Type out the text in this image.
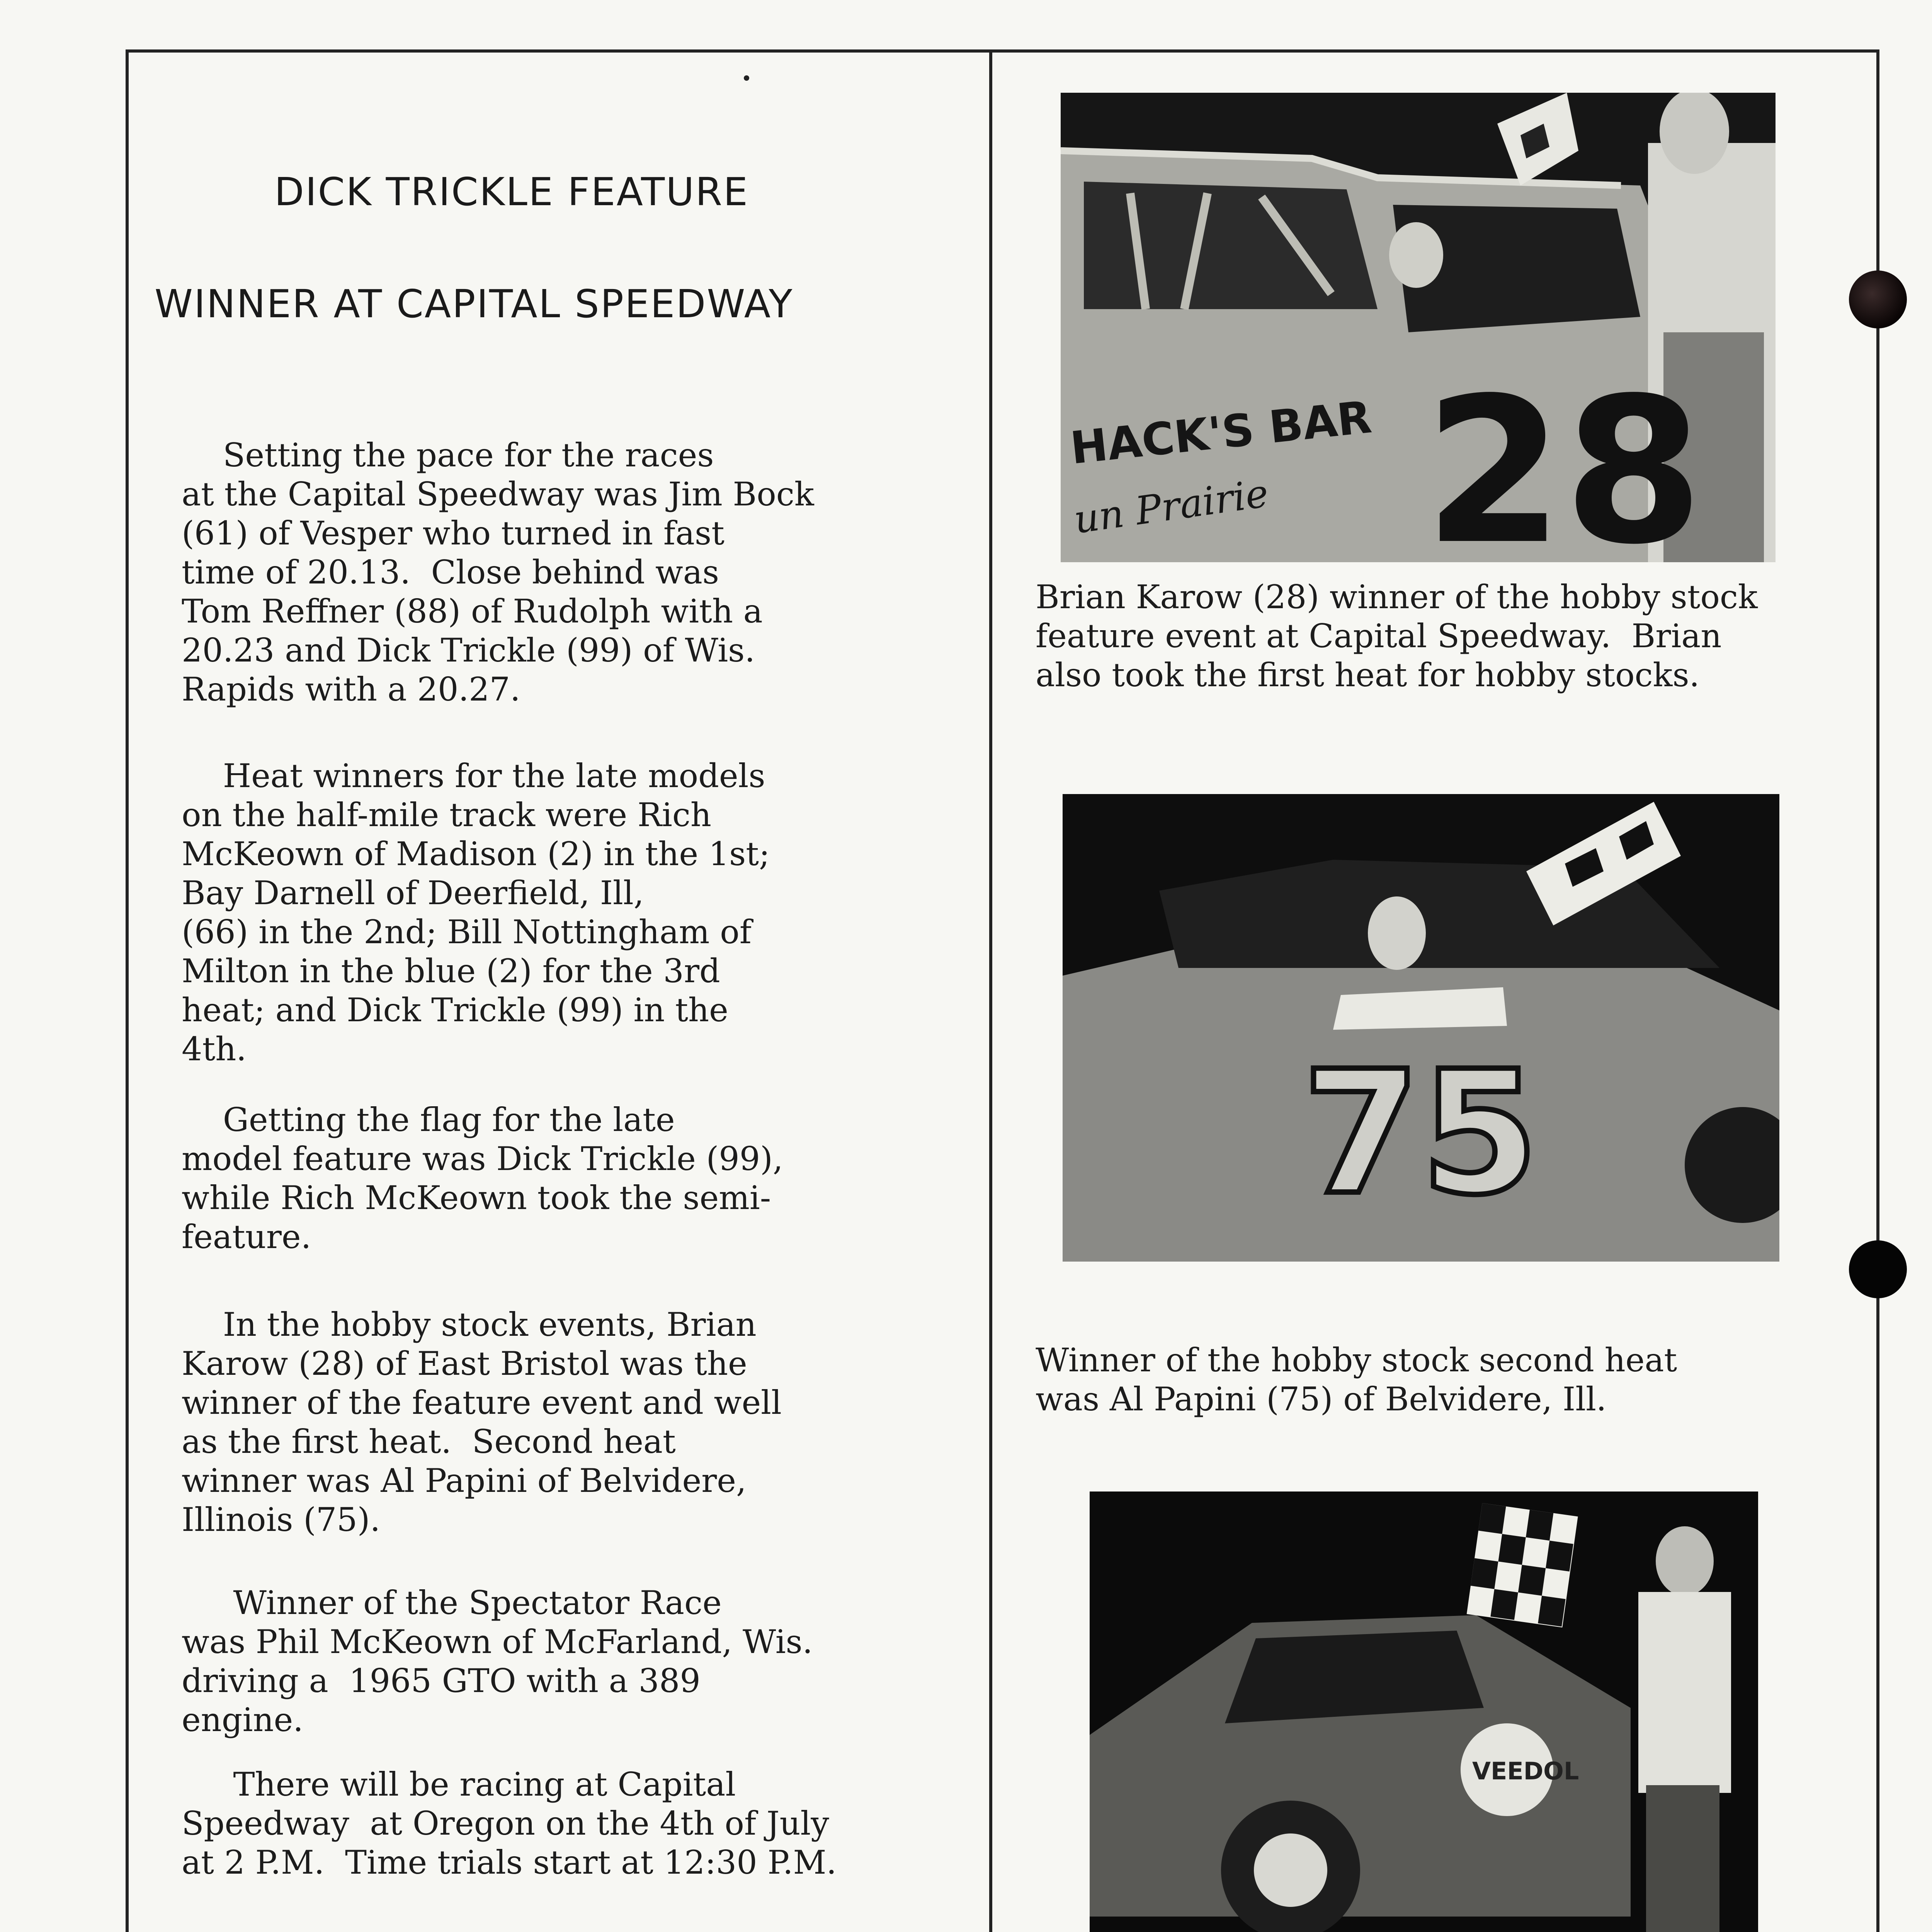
DICK TRICKLE FEATURE
WINNER AT CAPITAL SPEEDWAY

Setting the pace for the races
at the Capital Speedway was Jim Bock
(61) of Vesper who turned in fast
time of 20.13.  Close behind was
Tom Reffner (88) of Rudolph with a
20.23 and Dick Trickle (99) of Wis.
Rapids with a 20.27.

Heat winners for the late models
on the half-mile track were Rich
McKeown of Madison (2) in the 1st;
Bay Darnell of Deerfield, Ill,
(66) in the 2nd; Bill Nottingham of
Milton in the blue (2) for the 3rd
heat; and Dick Trickle (99) in the
4th.

Getting the flag for the late
model feature was Dick Trickle (99),
while Rich McKeown took the semi-
feature.

In the hobby stock events, Brian
Karow (28) of East Bristol was the
winner of the feature event and well
as the first heat.  Second heat
winner was Al Papini of Belvidere,
Illinois (75).

Winner of the Spectator Race
was Phil McKeown of McFarland, Wis.
driving a  1965 GTO with a 389
engine.

There will be racing at Capital
Speedway  at Oregon on the 4th of July
at 2 P.M.  Time trials start at 12:30 P.M.

HACK'S BAR
un Prairie 28

Brian Karow (28) winner of the hobby stock
feature event at Capital Speedway.  Brian
also took the first heat for hobby stocks.

75

Winner of the hobby stock second heat
was Al Papini (75) of Belvidere, Ill.

VEEDOL
